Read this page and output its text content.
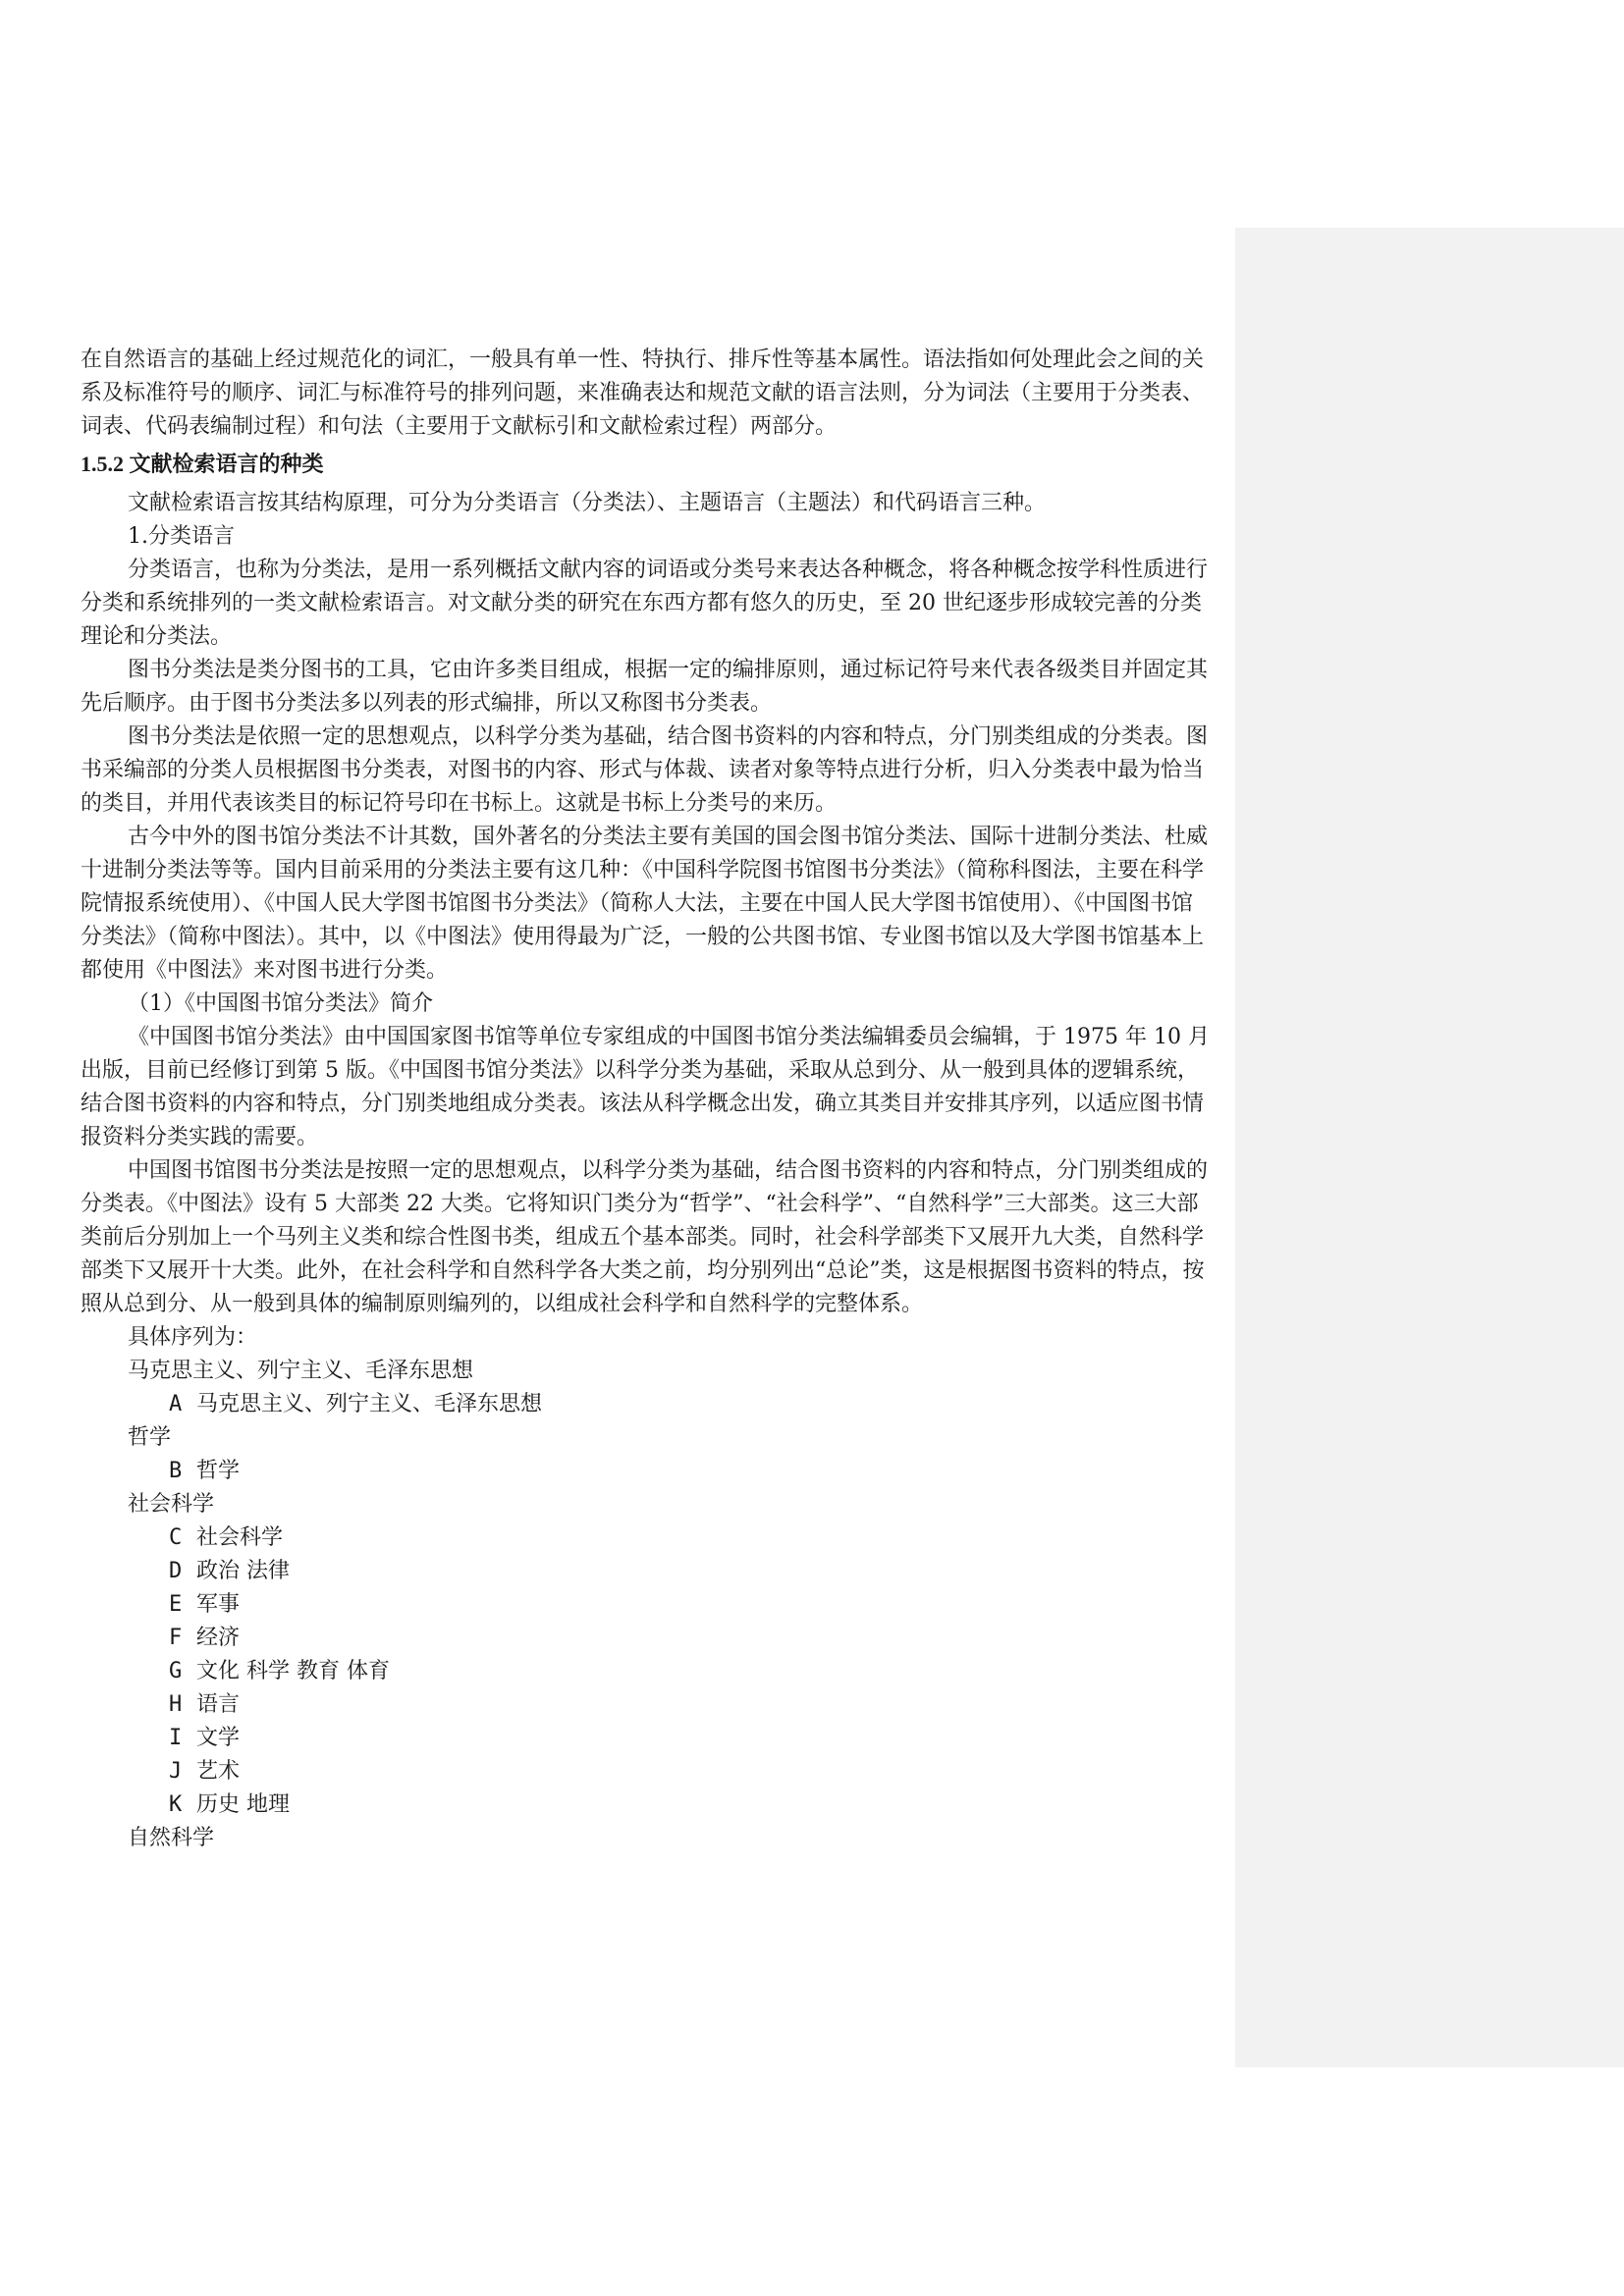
在自然语言的基础上经过规范化的词汇，一般具有单一性、特执行、排斥性等基本属性。语法指如何处理此会之间的关系及标准符号的顺序、词汇与标准符号的排列问题，来准确表达和规范文献的语言法则，分为词法（主要用于分类表、词表、代码表编制过程）和句法（主要用于文献标引和文献检索过程）两部分。

1.5.2 文献检索语言的种类

文献检索语言按其结构原理，可分为分类语言（分类法）、主题语言（主题法）和代码语言三种。

1.分类语言

分类语言，也称为分类法，是用一系列概括文献内容的词语或分类号来表达各种概念，将各种概念按学科性质进行分类和系统排列的一类文献检索语言。对文献分类的研究在东西方都有悠久的历史，至 20 世纪逐步形成较完善的分类理论和分类法。

图书分类法是类分图书的工具，它由许多类目组成，根据一定的编排原则，通过标记符号来代表各级类目并固定其先后顺序。由于图书分类法多以列表的形式编排，所以又称图书分类表。

图书分类法是依照一定的思想观点，以科学分类为基础，结合图书资料的内容和特点，分门别类组成的分类表。图书采编部的分类人员根据图书分类表，对图书的内容、形式与体裁、读者对象等特点进行分析，归入分类表中最为恰当的类目，并用代表该类目的标记符号印在书标上。这就是书标上分类号的来历。

古今中外的图书馆分类法不计其数，国外著名的分类法主要有美国的国会图书馆分类法、国际十进制分类法、杜威十进制分类法等等。国内目前采用的分类法主要有这几种：《中国科学院图书馆图书分类法》（简称科图法，主要在科学院情报系统使用）、《中国人民大学图书馆图书分类法》（简称人大法，主要在中国人民大学图书馆使用）、《中国图书馆分类法》（简称中图法）。其中，以《中图法》使用得最为广泛，一般的公共图书馆、专业图书馆以及大学图书馆基本上都使用《中图法》来对图书进行分类。

（1）《中国图书馆分类法》简介

《中国图书馆分类法》由中国国家图书馆等单位专家组成的中国图书馆分类法编辑委员会编辑，于 1975 年 10 月出版，目前已经修订到第 5 版。《中国图书馆分类法》以科学分类为基础，采取从总到分、从一般到具体的逻辑系统，结合图书资料的内容和特点，分门别类地组成分类表。该法从科学概念出发，确立其类目并安排其序列，以适应图书情报资料分类实践的需要。

中国图书馆图书分类法是按照一定的思想观点，以科学分类为基础，结合图书资料的内容和特点，分门别类组成的分类表。《中图法》设有 5 大部类 22 大类。它将知识门类分为“哲学”、“社会科学”、“自然科学”三大部类。这三大部类前后分别加上一个马列主义类和综合性图书类，组成五个基本部类。同时，社会科学部类下又展开九大类，自然科学部类下又展开十大类。此外，在社会科学和自然科学各大类之前，均分别列出“总论”类，这是根据图书资料的特点，按照从总到分、从一般到具体的编制原则编列的，以组成社会科学和自然科学的完整体系。

具体序列为：

马克思主义、列宁主义、毛泽东思想

A 马克思主义、列宁主义、毛泽东思想

哲学

B 哲学

社会科学

C 社会科学

D 政治 法律

E 军事

F 经济

G 文化 科学 教育 体育

H 语言

I 文学

J 艺术

K 历史 地理

自然科学
